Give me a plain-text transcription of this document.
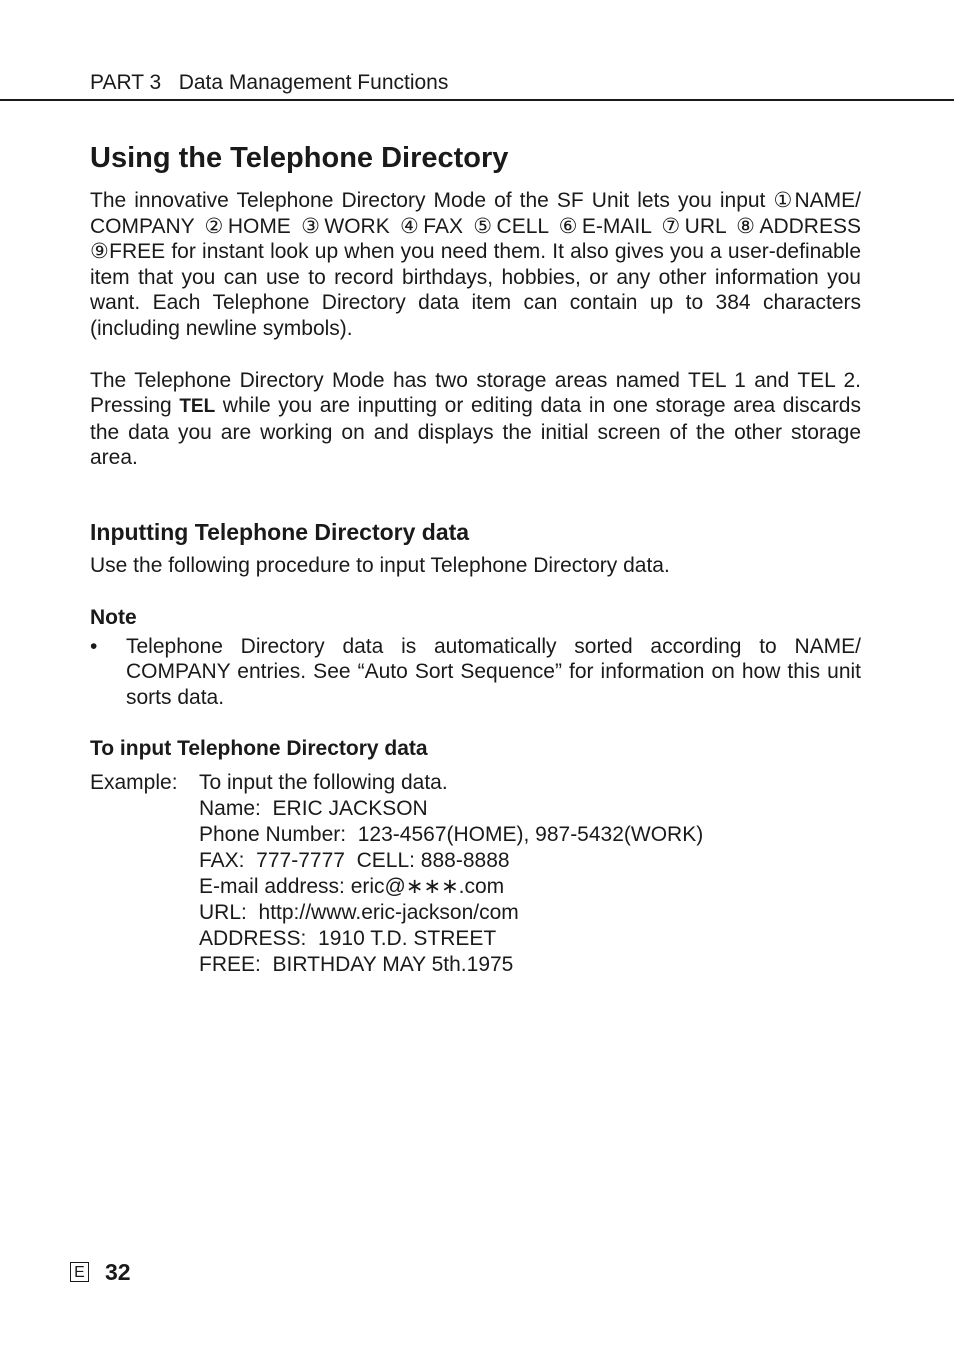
PART 3   Data Management Functions
Using the Telephone Directory

The innovative Telephone Directory Mode of the SF Unit lets you input ①NAME/ COMPANY ②HOME ③WORK ④FAX ⑤CELL ⑥E-MAIL ⑦URL ⑧ADDRESS ⑨FREE for instant look up when you need them. It also gives you a user-definable item that you can use to record birthdays, hobbies, or any other information you want. Each Telephone Directory data item can contain up to 384 characters (including newline symbols).

The Telephone Directory Mode has two storage areas named TEL 1 and TEL 2. Pressing TEL while you are inputting or editing data in one storage area discards the data you are working on and displays the initial screen of the other storage area.

Inputting Telephone Directory data

Use the following procedure to input Telephone Directory data.

Note
• Telephone Directory data is automatically sorted according to NAME/ COMPANY entries. See “Auto Sort Sequence” for information on how this unit sorts data.

To input Telephone Directory data
Example:	To input the following data.
Name:  ERIC JACKSON
Phone Number:  123-4567(HOME), 987-5432(WORK)
FAX:  777-7777  CELL: 888-8888
E-mail address: eric@∗∗∗.com
URL:  http://www.eric-jackson/com
ADDRESS:  1910 T.D. STREET
FREE:  BIRTHDAY MAY 5th.1975
E 32
